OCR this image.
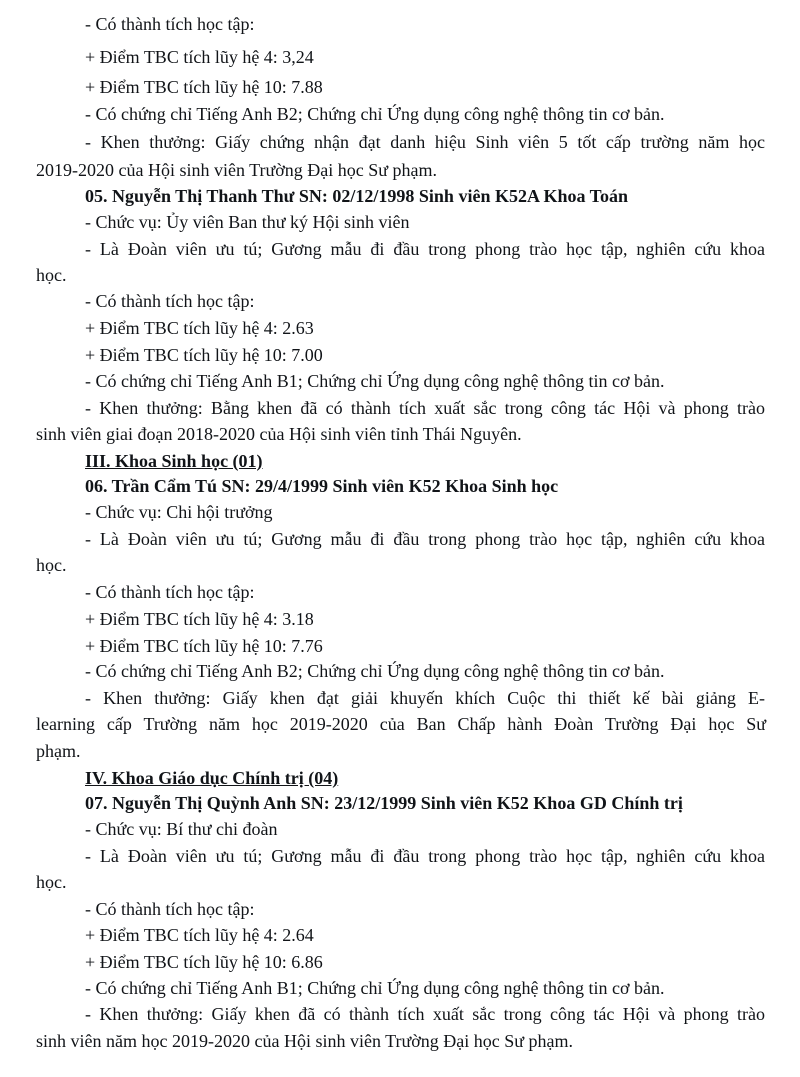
- Có thành tích học tập:
+ Điểm TBC tích lũy hệ 4: 3,24
+ Điểm TBC tích lũy hệ 10: 7.88
- Có chứng chỉ Tiếng Anh B2; Chứng chỉ Ứng dụng công nghệ thông tin cơ bản.
- Khen thưởng: Giấy chứng nhận đạt danh hiệu Sinh viên 5 tốt cấp trường năm học
2019-2020 của Hội sinh viên Trường Đại học Sư phạm.
05. Nguyễn Thị Thanh Thư SN: 02/12/1998 Sinh viên K52A Khoa Toán
- Chức vụ: Ủy viên Ban thư ký Hội sinh viên
- Là Đoàn viên ưu tú; Gương mẫu đi đầu trong phong trào học tập, nghiên cứu khoa
học.
- Có thành tích học tập:
+ Điểm TBC tích lũy hệ 4: 2.63
+ Điểm TBC tích lũy hệ 10: 7.00
- Có chứng chỉ Tiếng Anh B1; Chứng chỉ Ứng dụng công nghệ thông tin cơ bản.
- Khen thưởng: Bằng khen đã có thành tích xuất sắc trong công tác Hội và phong trào
sinh viên giai đoạn 2018-2020 của Hội sinh viên tỉnh Thái Nguyên.
III. Khoa Sinh học (01)
06. Trần Cẩm Tú SN: 29/4/1999 Sinh viên K52 Khoa Sinh học
- Chức vụ: Chi hội trưởng
- Là Đoàn viên ưu tú; Gương mẫu đi đầu trong phong trào học tập, nghiên cứu khoa
học.
- Có thành tích học tập:
+ Điểm TBC tích lũy hệ 4: 3.18
+ Điểm TBC tích lũy hệ 10: 7.76
- Có chứng chỉ Tiếng Anh B2; Chứng chỉ Ứng dụng công nghệ thông tin cơ bản.
- Khen thưởng: Giấy khen đạt giải khuyến khích Cuộc thi thiết kế bài giảng E-
learning cấp Trường năm học 2019-2020 của Ban Chấp hành Đoàn Trường Đại học Sư
phạm.
IV. Khoa Giáo dục Chính trị (04)
07. Nguyễn Thị Quỳnh Anh SN: 23/12/1999 Sinh viên K52 Khoa GD Chính trị
- Chức vụ: Bí thư chi đoàn
- Là Đoàn viên ưu tú; Gương mẫu đi đầu trong phong trào học tập, nghiên cứu khoa
học.
- Có thành tích học tập:
+ Điểm TBC tích lũy hệ 4: 2.64
+ Điểm TBC tích lũy hệ 10: 6.86
- Có chứng chỉ Tiếng Anh B1; Chứng chỉ Ứng dụng công nghệ thông tin cơ bản.
- Khen thưởng: Giấy khen đã có thành tích xuất sắc trong công tác Hội và phong trào
sinh viên năm học 2019-2020 của Hội sinh viên Trường Đại học Sư phạm.
